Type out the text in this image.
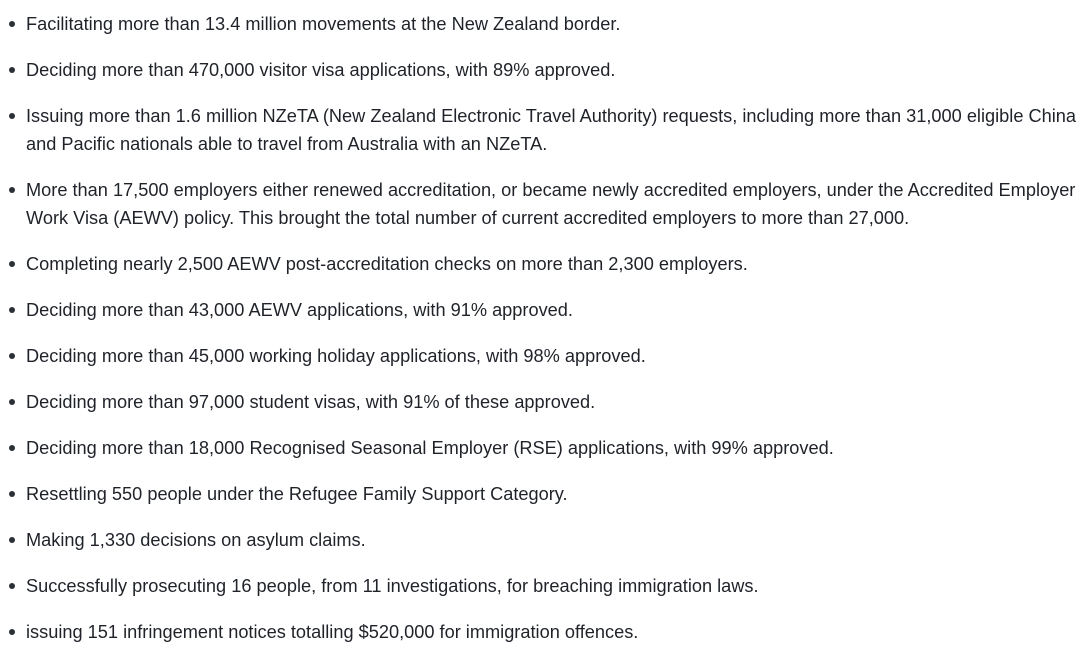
Facilitating more than 13.4 million movements at the New Zealand border.
Deciding more than 470,000 visitor visa applications, with 89% approved.
Issuing more than 1.6 million NZeTA (New Zealand Electronic Travel Authority) requests, including more than 31,000 eligible China and Pacific nationals able to travel from Australia with an NZeTA.
More than 17,500 employers either renewed accreditation, or became newly accredited employers, under the Accredited Employer Work Visa (AEWV) policy. This brought the total number of current accredited employers to more than 27,000.
Completing nearly 2,500 AEWV post-accreditation checks on more than 2,300 employers.
Deciding more than 43,000 AEWV applications, with 91% approved.
Deciding more than 45,000 working holiday applications, with 98% approved.
Deciding more than 97,000 student visas, with 91% of these approved.
Deciding more than 18,000 Recognised Seasonal Employer (RSE) applications, with 99% approved.
Resettling 550 people under the Refugee Family Support Category.
Making 1,330 decisions on asylum claims.
Successfully prosecuting 16 people, from 11 investigations, for breaching immigration laws.
issuing 151 infringement notices totalling $520,000 for immigration offences.
